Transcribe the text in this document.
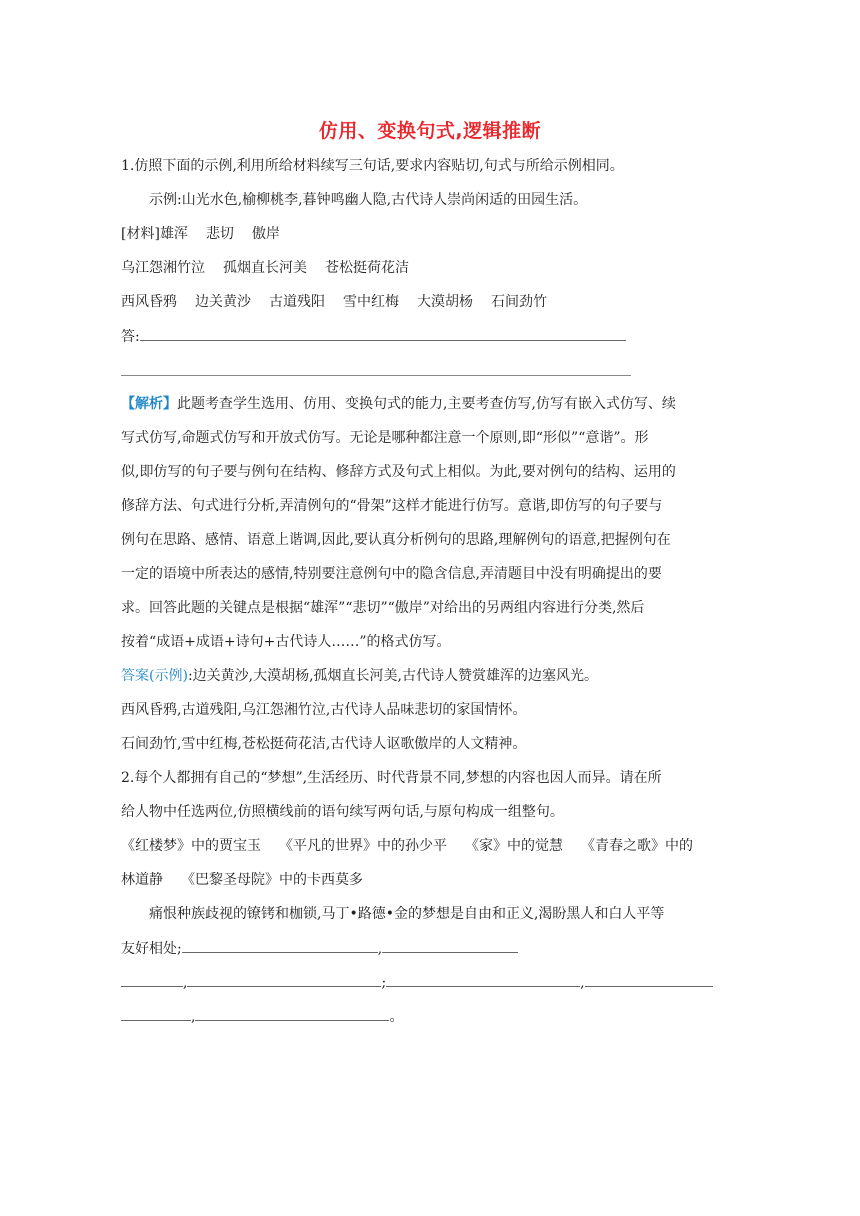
仿用、变换句式,逻辑推断
1.仿照下面的示例,利用所给材料续写三句话,要求内容贴切,句式与所给示例相同。
示例:山光水色,榆柳桃李,暮钟鸣幽人隐,古代诗人崇尚闲适的田园生活。
[材料]雄浑 悲切 傲岸
乌江怨湘竹泣 孤烟直长河美 苍松挺荷花洁
西风昏鸦 边关黄沙 古道残阳 雪中红梅 大漠胡杨 石间劲竹
答:
【解析】此题考查学生选用、仿用、变换句式的能力,主要考查仿写,仿写有嵌入式仿写、续
写式仿写,命题式仿写和开放式仿写。无论是哪种都注意一个原则,即“形似”“意谐”。形
似,即仿写的句子要与例句在结构、修辞方式及句式上相似。为此,要对例句的结构、运用的
修辞方法、句式进行分析,弄清例句的“骨架”这样才能进行仿写。意谐,即仿写的句子要与
例句在思路、感情、语意上谐调,因此,要认真分析例句的思路,理解例句的语意,把握例句在
一定的语境中所表达的感情,特别要注意例句中的隐含信息,弄清题目中没有明确提出的要
求。回答此题的关键点是根据“雄浑”“悲切”“傲岸”对给出的另两组内容进行分类,然后
按着“成语+成语+诗句+古代诗人……”的格式仿写。
答案(示例):边关黄沙,大漠胡杨,孤烟直长河美,古代诗人赞赏雄浑的边塞风光。
西风昏鸦,古道残阳,乌江怨湘竹泣,古代诗人品味悲切的家国情怀。
石间劲竹,雪中红梅,苍松挺荷花洁,古代诗人讴歌傲岸的人文精神。
2.每个人都拥有自己的“梦想”,生活经历、时代背景不同,梦想的内容也因人而异。请在所
给人物中任选两位,仿照横线前的语句续写两句话,与原句构成一组整句。
《红楼梦》中的贾宝玉 《平凡的世界》中的孙少平 《家》中的觉慧 《青春之歌》中的
林道静 《巴黎圣母院》中的卡西莫多
痛恨种族歧视的镣铐和枷锁,马丁•路德•金的梦想是自由和正义,渴盼黑人和白人平等
友好相处;	,
,	;	,
,	。
